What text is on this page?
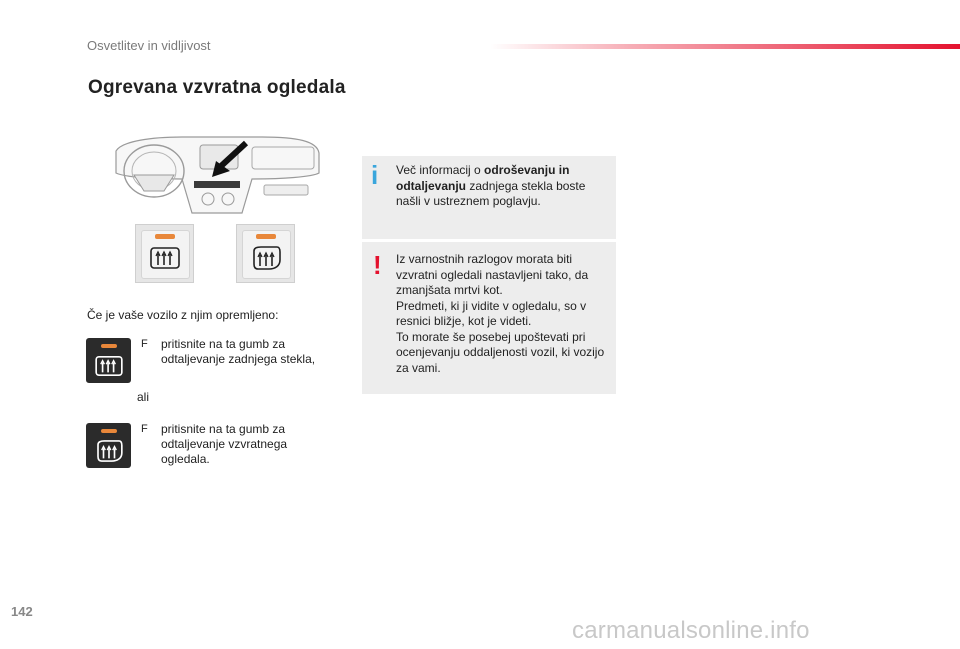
Osvetlitev in vidljivost
Ogrevana vzvratna ogledala
Če je vaše vozilo z njim opremljeno:
F pritisnite na ta gumb za odtaljevanje zadnjega stekla,
ali
F pritisnite na ta gumb za odtaljevanje vzvratnega ogledala.
i Več informacij o odroševanju in odtaljevanju zadnjega stekla boste našli v ustreznem poglavju.
! Iz varnostnih razlogov morata biti vzvratni ogledali nastavljeni tako, da zmanjšata mrtvi kot.
Predmeti, ki ji vidite v ogledalu, so v resnici bližje, kot je videti.
To morate še posebej upoštevati pri ocenjevanju oddaljenosti vozil, ki vozijo za vami.
142
carmanualsonline.info
